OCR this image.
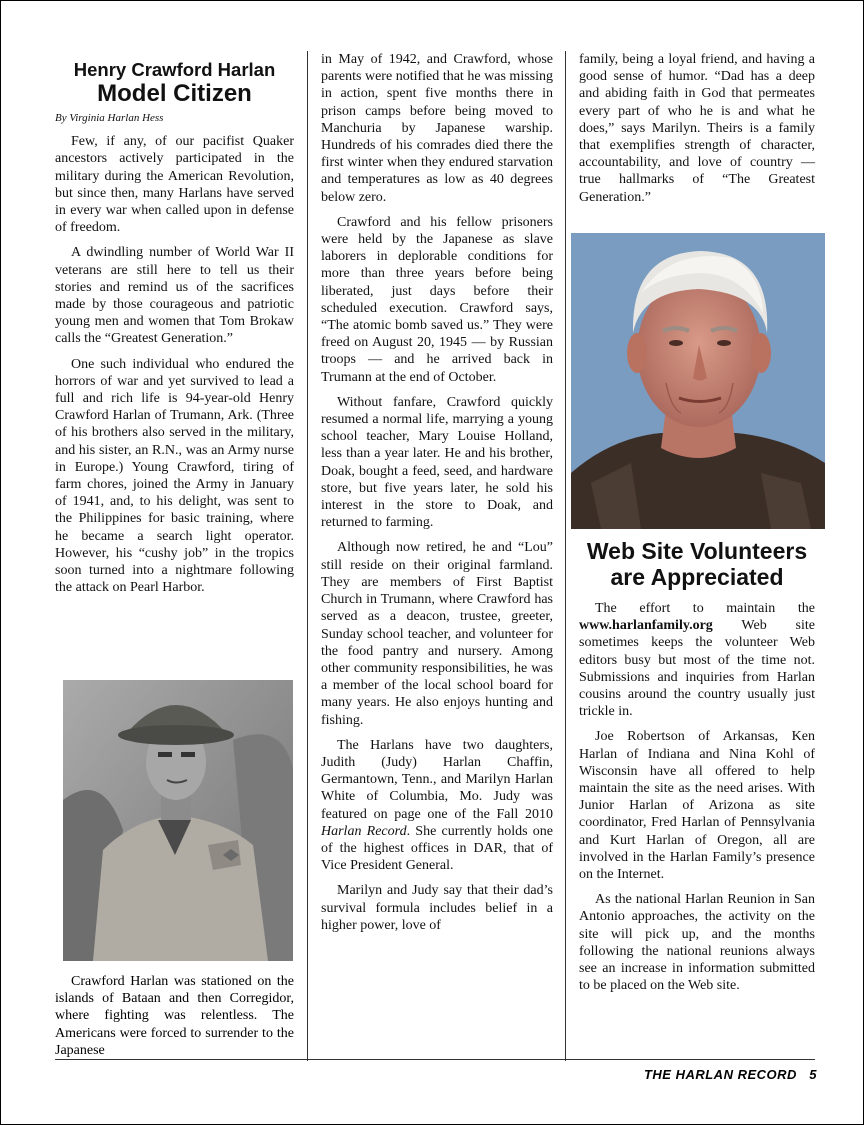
Henry Crawford Harlan
Model Citizen

By Virginia Harlan Hess

Few, if any, of our pacifist Quaker ancestors actively participated in the military during the American Revolution, but since then, many Harlans have served in every war when called upon in defense of freedom.

A dwindling number of World War II veterans are still here to tell us their stories and remind us of the sacrifices made by those courageous and patriotic young men and women that Tom Brokaw calls the “Greatest Generation.”

One such individual who endured the horrors of war and yet survived to lead a full and rich life is 94-year-old Henry Crawford Harlan of Trumann, Ark. (Three of his brothers also served in the military, and his sister, an R.N., was an Army nurse in Europe.) Young Crawford, tiring of farm chores, joined the Army in January of 1941, and, to his delight, was sent to the Philippines for basic training, where he became a search light operator. However, his “cushy job” in the tropics soon turned into a nightmare following the attack on Pearl Harbor.

Crawford Harlan was stationed on the islands of Bataan and then Corregidor, where fighting was relentless. The Americans were forced to surrender to the Japanese

in May of 1942, and Crawford, whose parents were notified that he was missing in action, spent five months there in prison camps before being moved to Manchuria by Japanese warship. Hundreds of his comrades died there the first winter when they endured starvation and temperatures as low as 40 degrees below zero.

Crawford and his fellow prisoners were held by the Japanese as slave laborers in deplorable conditions for more than three years before being liberated, just days before their scheduled execution. Crawford says, “The atomic bomb saved us.” They were freed on August 20, 1945 — by Russian troops — and he arrived back in Trumann at the end of October.

Without fanfare, Crawford quickly resumed a normal life, marrying a young school teacher, Mary Louise Holland, less than a year later. He and his brother, Doak, bought a feed, seed, and hardware store, but five years later, he sold his interest in the store to Doak, and returned to farming.

Although now retired, he and “Lou” still reside on their original farmland. They are members of First Baptist Church in Trumann, where Crawford has served as a deacon, trustee, greeter, Sunday school teacher, and volunteer for the food pantry and nursery. Among other community responsibilities, he was a member of the local school board for many years. He also enjoys hunting and fishing.

The Harlans have two daughters, Judith (Judy) Harlan Chaffin, Germantown, Tenn., and Marilyn Harlan White of Columbia, Mo. Judy was featured on page one of the Fall 2010 Harlan Record. She currently holds one of the highest offices in DAR, that of Vice President General.

Marilyn and Judy say that their dad’s survival formula includes belief in a higher power, love of

family, being a loyal friend, and having a good sense of humor. “Dad has a deep and abiding faith in God that permeates every part of who he is and what he does,” says Marilyn. Theirs is a family that exemplifies strength of character, accountability, and love of country — true hallmarks of “The Greatest Generation.”

Web Site Volunteers are Appreciated

The effort to maintain the www.harlanfamily.org Web site sometimes keeps the volunteer Web editors busy but most of the time not. Submissions and inquiries from Harlan cousins around the country usually just trickle in.

Joe Robertson of Arkansas, Ken Harlan of Indiana and Nina Kohl of Wisconsin have all offered to help maintain the site as the need arises. With Junior Harlan of Arizona as site coordinator, Fred Harlan of Pennsylvania and Kurt Harlan of Oregon, all are involved in the Harlan Family’s presence on the Internet.

As the national Harlan Reunion in San Antonio approaches, the activity on the site will pick up, and the months following the national reunions always see an increase in information submitted to be placed on the Web site.

THE HARLAN RECORD 5
